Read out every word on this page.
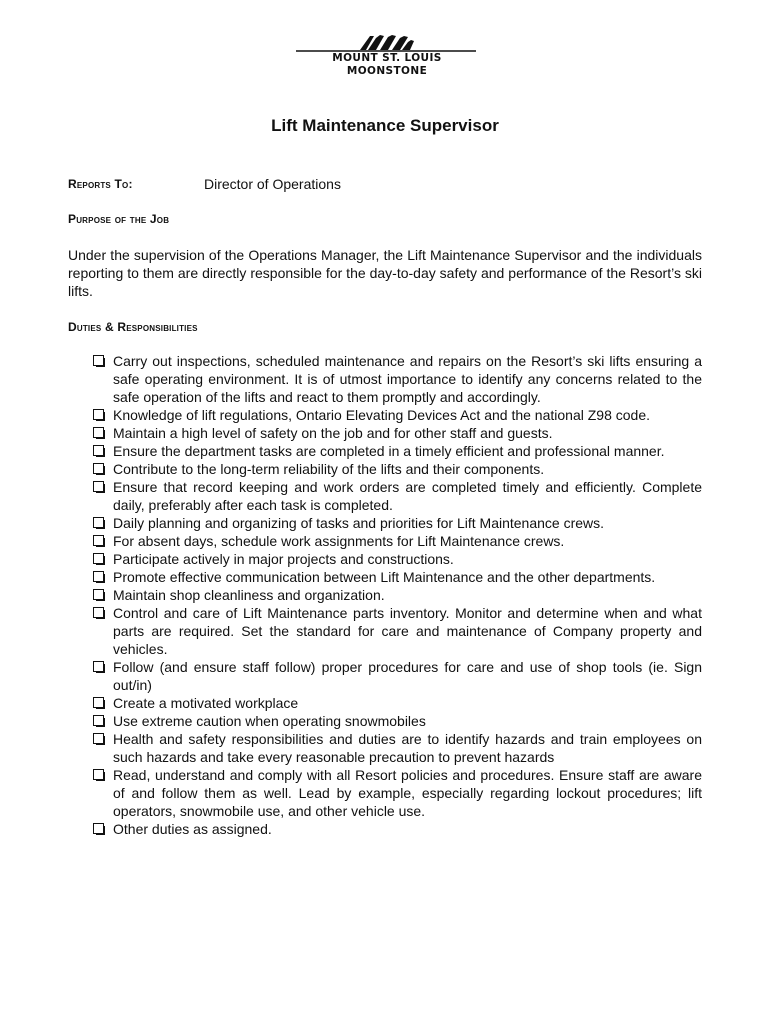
MOUNT ST. LOUIS
MOONSTONE
Lift Maintenance Supervisor
Reports To:	Director of Operations
Purpose of the Job

Under the supervision of the Operations Manager, the Lift Maintenance Supervisor and the individuals reporting to them are directly responsible for the day-to-day safety and performance of the Resort’s ski lifts.

Duties & Responsibilities
Carry out inspections, scheduled maintenance and repairs on the Resort’s ski lifts ensuring a safe operating environment. It is of utmost importance to identify any concerns related to the safe operation of the lifts and react to them promptly and accordingly.
Knowledge of lift regulations, Ontario Elevating Devices Act and the national Z98 code.
Maintain a high level of safety on the job and for other staff and guests.
Ensure the department tasks are completed in a timely efficient and professional manner.
Contribute to the long-term reliability of the lifts and their components.
Ensure that record keeping and work orders are completed timely and efficiently. Complete daily, preferably after each task is completed.
Daily planning and organizing of tasks and priorities for Lift Maintenance crews.
For absent days, schedule work assignments for Lift Maintenance crews.
Participate actively in major projects and constructions.
Promote effective communication between Lift Maintenance and the other departments.
Maintain shop cleanliness and organization.
Control and care of Lift Maintenance parts inventory. Monitor and determine when and what parts are required. Set the standard for care and maintenance of Company property and vehicles.
Follow (and ensure staff follow) proper procedures for care and use of shop tools (ie. Sign out/in)
Create a motivated workplace
Use extreme caution when operating snowmobiles
Health and safety responsibilities and duties are to identify hazards and train employees on such hazards and take every reasonable precaution to prevent hazards
Read, understand and comply with all Resort policies and procedures. Ensure staff are aware of and follow them as well. Lead by example, especially regarding lockout procedures; lift operators, snowmobile use, and other vehicle use.
Other duties as assigned.
